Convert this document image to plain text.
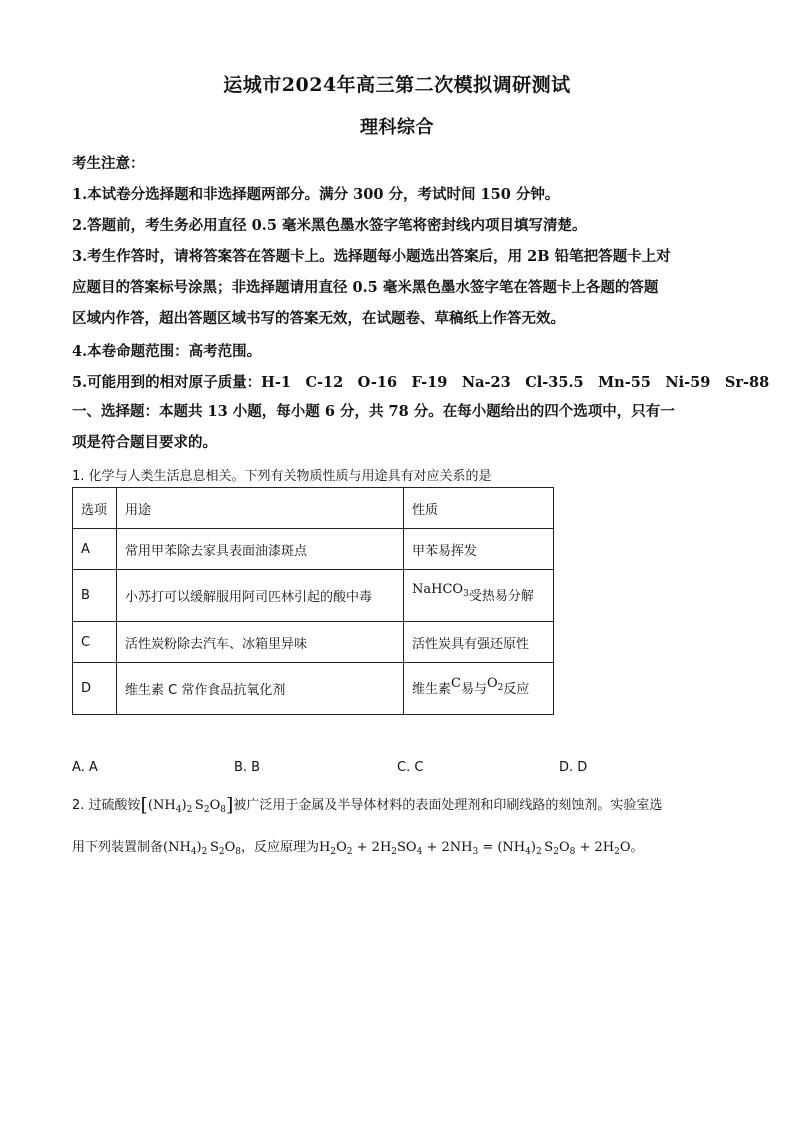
运城市2024年高三第二次模拟调研测试
理科综合
考生注意：
1.本试卷分选择题和非选择题两部分。满分 300 分，考试时间 150 分钟。
2.答题前，考生务必用直径 0.5 毫米黑色墨水签字笔将密封线内项目填写清楚。
3.考生作答时，请将答案答在答题卡上。选择题每小题选出答案后，用 2B 铅笔把答题卡上对
应题目的答案标号涂黑；非选择题请用直径 0.5 毫米黑色墨水签字笔在答题卡上各题的答题
区域内作答，超出答题区域书写的答案无效，在试题卷、草稿纸上作答无效。
4.本卷命题范围：高考范围。
5.可能用到的相对原子质量：H-1　C-12　O-16　F-19　Na-23　Cl-35.5　Mn-55　Ni-59　Sr-88
一、选择题：本题共 13 小题，每小题 6 分，共 78 分。在每小题给出的四个选项中，只有一
项是符合题目要求的。
1. 化学与人类生活息息相关。下列有关物质性质与用途具有对应关系的是
选项	用途	性质
A	常用甲苯除去家具表面油漆斑点	甲苯易挥发
B	小苏打可以缓解服用阿司匹林引起的酸中毒	NaHCO$_3$受热易分解
C	活性炭粉除去汽车、冰箱里异味	活性炭具有强还原性
D	维生素 C 常作食品抗氧化剂	维生素C易与$O_2$反应
A. A	B. B	C. C	D. D
2. 过硫酸铵[$(NH_4)_2$ $S_2O_8$]被广泛用于金属及半导体材料的表面处理剂和印刷线路的刻蚀剂。实验室选
用下列装置制备$(NH_4)_2$ $S_2O_8$，反应原理为$H_2O_2 + 2H_2SO_4 + 2NH_3 = (NH_4)_2$ $S_2O_8 + 2H_2O$。
